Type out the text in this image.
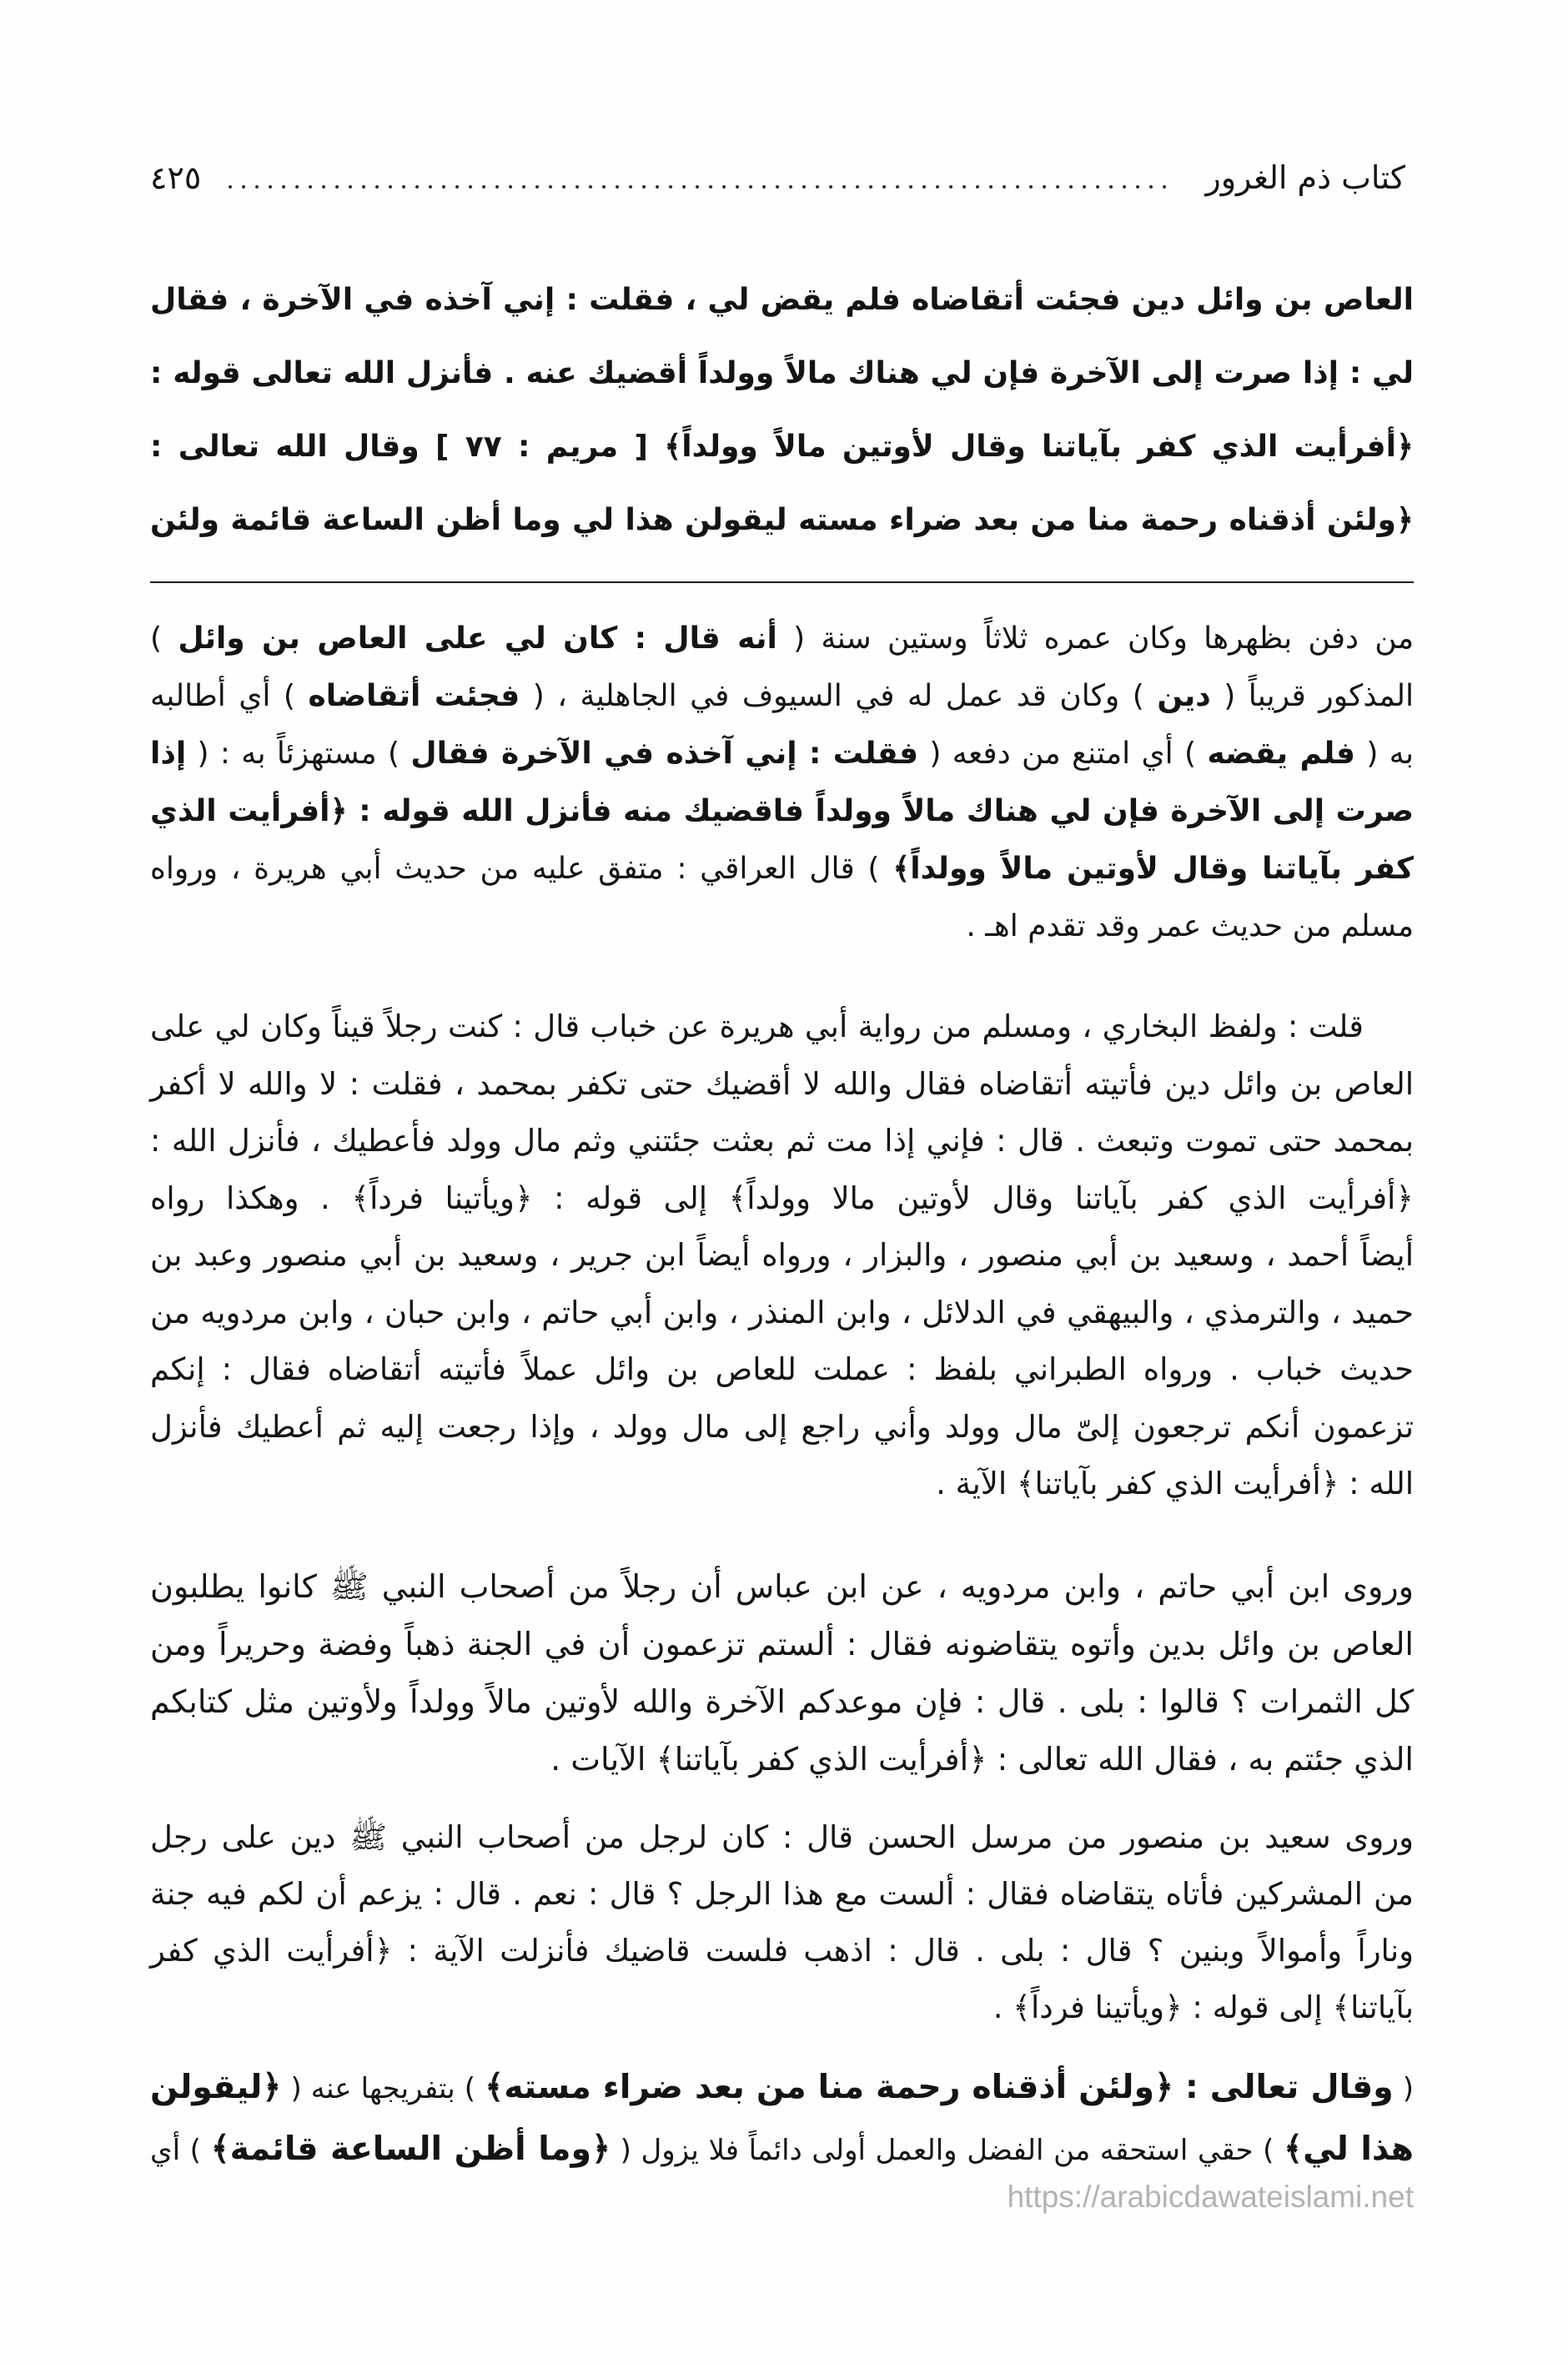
كتاب ذم الغرور
٤٢٥
العاص بن وائل دين فجئت أتقاضاه فلم يقض لي ، فقلت : إني آخذه في الآخرة ، فقال
لي : إذا صرت إلى الآخرة فإن لي هناك مالاً وولداً أقضيك عنه . فأنزل الله تعالى قوله :
﴿أفرأيت الذي كفر بآياتنا وقال لأوتين مالاً وولداً﴾ [ مريم : ٧٧ ] وقال الله تعالى :
﴿ولئن أذقناه رحمة منا من بعد ضراء مسته ليقولن هذا لي وما أظن الساعة قائمة ولئن
من دفن بظهرها وكان عمره ثلاثاً وستين سنة ( أنه قال : كان لي على العاص بن وائل )
المذكور قريباً ( دين ) وكان قد عمل له في السيوف في الجاهلية ، ( فجئت أتقاضاه ) أي أطالبه
به ( فلم يقضه ) أي امتنع من دفعه ( فقلت : إني آخذه في الآخرة فقال ) مستهزئاً به : ( إذا
صرت إلى الآخرة فإن لي هناك مالاً وولداً فاقضيك منه فأنزل الله قوله : ﴿أفرأيت الذي
كفر بآياتنا وقال لأوتين مالاً وولداً﴾ ) قال العراقي : متفق عليه من حديث أبي هريرة ، ورواه
مسلم من حديث عمر وقد تقدم اهـ .
قلت : ولفظ البخاري ، ومسلم من رواية أبي هريرة عن خباب قال : كنت رجلاً قيناً وكان لي على
العاص بن وائل دين فأتيته أتقاضاه فقال والله لا أقضيك حتى تكفر بمحمد ، فقلت : لا والله لا أكفر
بمحمد حتى تموت وتبعث . قال : فإني إذا مت ثم بعثت جئتني وثم مال وولد فأعطيك ، فأنزل الله :
﴿أفرأيت الذي كفر بآياتنا وقال لأوتين مالا وولداً﴾ إلى قوله : ﴿ويأتينا فرداً﴾ . وهكذا رواه
أيضاً أحمد ، وسعيد بن أبي منصور ، والبزار ، ورواه أيضاً ابن جرير ، وسعيد بن أبي منصور وعبد بن
حميد ، والترمذي ، والبيهقي في الدلائل ، وابن المنذر ، وابن أبي حاتم ، وابن حبان ، وابن مردويه من
حديث خباب . ورواه الطبراني بلفظ : عملت للعاص بن وائل عملاً فأتيته أتقاضاه فقال : إنكم
تزعمون أنكم ترجعون إلىّ مال وولد وأني راجع إلى مال وولد ، وإذا رجعت إليه ثم أعطيك فأنزل
الله : ﴿أفرأيت الذي كفر بآياتنا﴾ الآية .
وروى ابن أبي حاتم ، وابن مردويه ، عن ابن عباس أن رجلاً من أصحاب النبي ﷺ كانوا يطلبون
العاص بن وائل بدين وأتوه يتقاضونه فقال : ألستم تزعمون أن في الجنة ذهباً وفضة وحريراً ومن
كل الثمرات ؟ قالوا : بلى . قال : فإن موعدكم الآخرة والله لأوتين مالاً وولداً ولأوتين مثل كتابكم
الذي جئتم به ، فقال الله تعالى : ﴿أفرأيت الذي كفر بآياتنا﴾ الآيات .
وروى سعيد بن منصور من مرسل الحسن قال : كان لرجل من أصحاب النبي ﷺ دين على رجل
من المشركين فأتاه يتقاضاه فقال : ألست مع هذا الرجل ؟ قال : نعم . قال : يزعم أن لكم فيه جنة
وناراً وأموالاً وبنين ؟ قال : بلى . قال : اذهب فلست قاضيك فأنزلت الآية : ﴿أفرأيت الذي كفر
بآياتنا﴾ إلى قوله : ﴿ويأتينا فرداً﴾ .
( وقال تعالى : ﴿ولئن أذقناه رحمة منا من بعد ضراء مسته﴾ ) بتفريجها عنه ( ﴿ليقولن
هذا لي﴾ ) حقي استحقه من الفضل والعمل أولى دائماً فلا يزول ( ﴿وما أظن الساعة قائمة﴾ ) أي
https://arabicdawateislami.net
